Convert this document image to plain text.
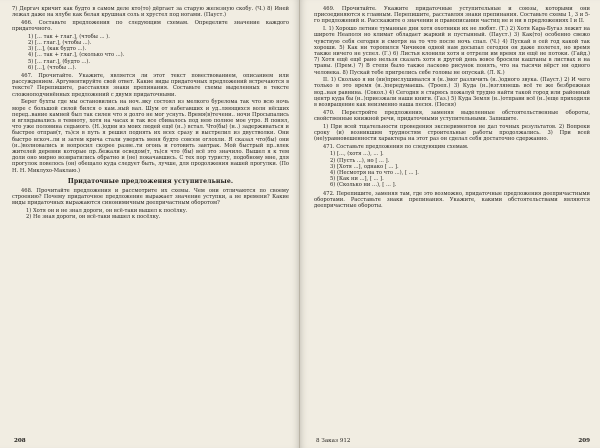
7) Дергач кричит как будто в самом деле кто(то) дёргает за старую железную скобу. (Ч.) 8) Иней лежал даже на ялубе как белая крушная соль и хрустел под ногами. (Пауст.)

466. Составьте предложения по следующим схемам. Определите значение каждого придаточного.

1) [... так + глаг.], (чтобы ... ).
2) [... глаг.], (чтобы ...).
3) [...], (как будто ...).
4) [... так + глаг.], (сколько что ...).
5) [... глаг.], (будто ...).
6) [...], (чтобы ...).

467. Прочитайте. Укажите, является ли этот текст повествованием, описанием или рассуждением. Аргументируйте свой ответ. Какие виды придаточных предложений встречаются в тексте? Перепишите, расставляя знаки препинания. Составьте схемы выделенных в тексте сложноподчинённых предложений с двумя придаточными.

Берег бухты где мы остановились на ноч..вку состоял из мелкого бурелома так что всю ночь море с большой силой бился о кам..ный вал. Шум от набегавших и уд..ляющихся волн нёсших перед..вание камней был так силен что я долго не мог уснуть. Время(в)течени.. ночи Просыпались и вглядывались в темноту, хотя на часах и так все сбивалось под нею полное мое утро. Я понял, что уже половина седьмого. (Н..)одни из моих людей ещё (н..) встал. Что(бы) (н..) задерживаться и быстрее отправ(т, ть)ся в путь я решил поднять их всех сразу и выстрелил из двустволки. Они быстро вскоч..ли и затем крича стали уверять меня будто совсем оглохли. Я сказал что(бы) они (н..)волновались и вопросил скорее разве..ти огонь и готовить завтрак. Мой быстрый пр..влек жителей деревни которые пр..бежали осведом(т, ть)ся что (бы) всё это значило. Вышел я к тем доли оно мирно возвратились обратно и (не) покачавшись. С тех пор туристу, подобному мне, для прогулок повелось (он) обещало куда следует быть, лучше, для продолжения нашей прогулки. (По Н. Н. Миклухо-Маклаю.)

Придаточные предложения уступительные.

468. Прочитайте предложения и рассмотрите их схемы. Чем они отличаются по своему строению? Почему придаточное предложение выражает значение уступки, а не времени? Какие виды придаточных выражаются синонимичным деепричастным оборотом?

1) Хотя он и не знал дороги, он всё-таки вышел к посёлку.
2) Не зная дороги, он всё-таки вышел к посёлку.
208

469. Прочитайте. Укажите придаточные уступительные и союзы, которыми они присоединяются к главным. Перепишите, расставляя знаки препинания. Составьте схемы 1, 3 и 5-го предложений и. Расскажите о значении и правописании частиц не и ни в предложениях I и II.

I. 1) Хорошо летние туманные дни хотя охотники их не любят. (Т.) 2) Хотя Кара-Бугаз лежит на широте Неаполя но климат обладает жаркий и пустынный. (Пауст.) 3) Как(то) особенно свежо чувствую себя сегодня и смотря на то что после ночь спал. (Ч.) 4) Пускай в сей год какой так хороши. 5) Как ни торопился Чичиков одной нам досыпал сегодня он даже полетел, но время также ничего не успел. (Г.) 6) Листья клонили хотя и отгрели им время ли ещё не потоки. (Гайд.) 7) Хотя ещё ещё рано нельзя сказать хотя и другой день вовсе бросили каштаны в листвах и на травы. (Прем.) 7) В степи было также ласково рисунок понять, что на тысячи вёрст ни одного человека. 8) Пускай тебе пригрелись себе головы не опускай. (Л. К.)

II. 1) Сколько я ни (ни)прислушивался я (н..)мог различить (н..)одного звука. (Пауст.) 2) И чего только в это время (н..)передумаешь. (Троеп.) 3) Куда (н..)взглянешь всё те же безбрежная вод..ная равнина. (Сокол.) 4) Сегодня я старюсь пожалуй трудно найти такой город или районный центр куда бы (н..)приезжали наши книги. (Газ.) 5) Куда Земля (н..)отправи всё (н..)еще приходили в возвращение как неизменно наша песня. (Песня)

470. Перестройте предложения, заменяя выделенные обстоятельственные обороты, свойственные книжной речи, придаточными уступительными. Запишите.

1) При всей тщательности проведения экспериментов не дал точных результатов. 2) Вопреки сроку (и) возникшим трудностям строительные работы продолжались. 3) При всей (не)уравновешенности характера на этот раз он сделал себя достаточно сдержанно.

471. Составьте предложения по следующим схемам.

1) [..., (хотя ...), ... ].
2) (Пусть ...), но [ ... ].
3) [Хотя ...], однако [ ... ].
4) (Несмотря на то что ...), [ ... ].
5) [Как ни ...], [ ... ].
6) (Сколько ни ...), [ ... ].

472. Перепишите, заменяя там, где это возможно, придаточные предложения деепричастными оборотами. Расставьте знаки препинания. Укажите, какими обстоятельствами являются деепричастные обороты.

8 Заказ 912	209
